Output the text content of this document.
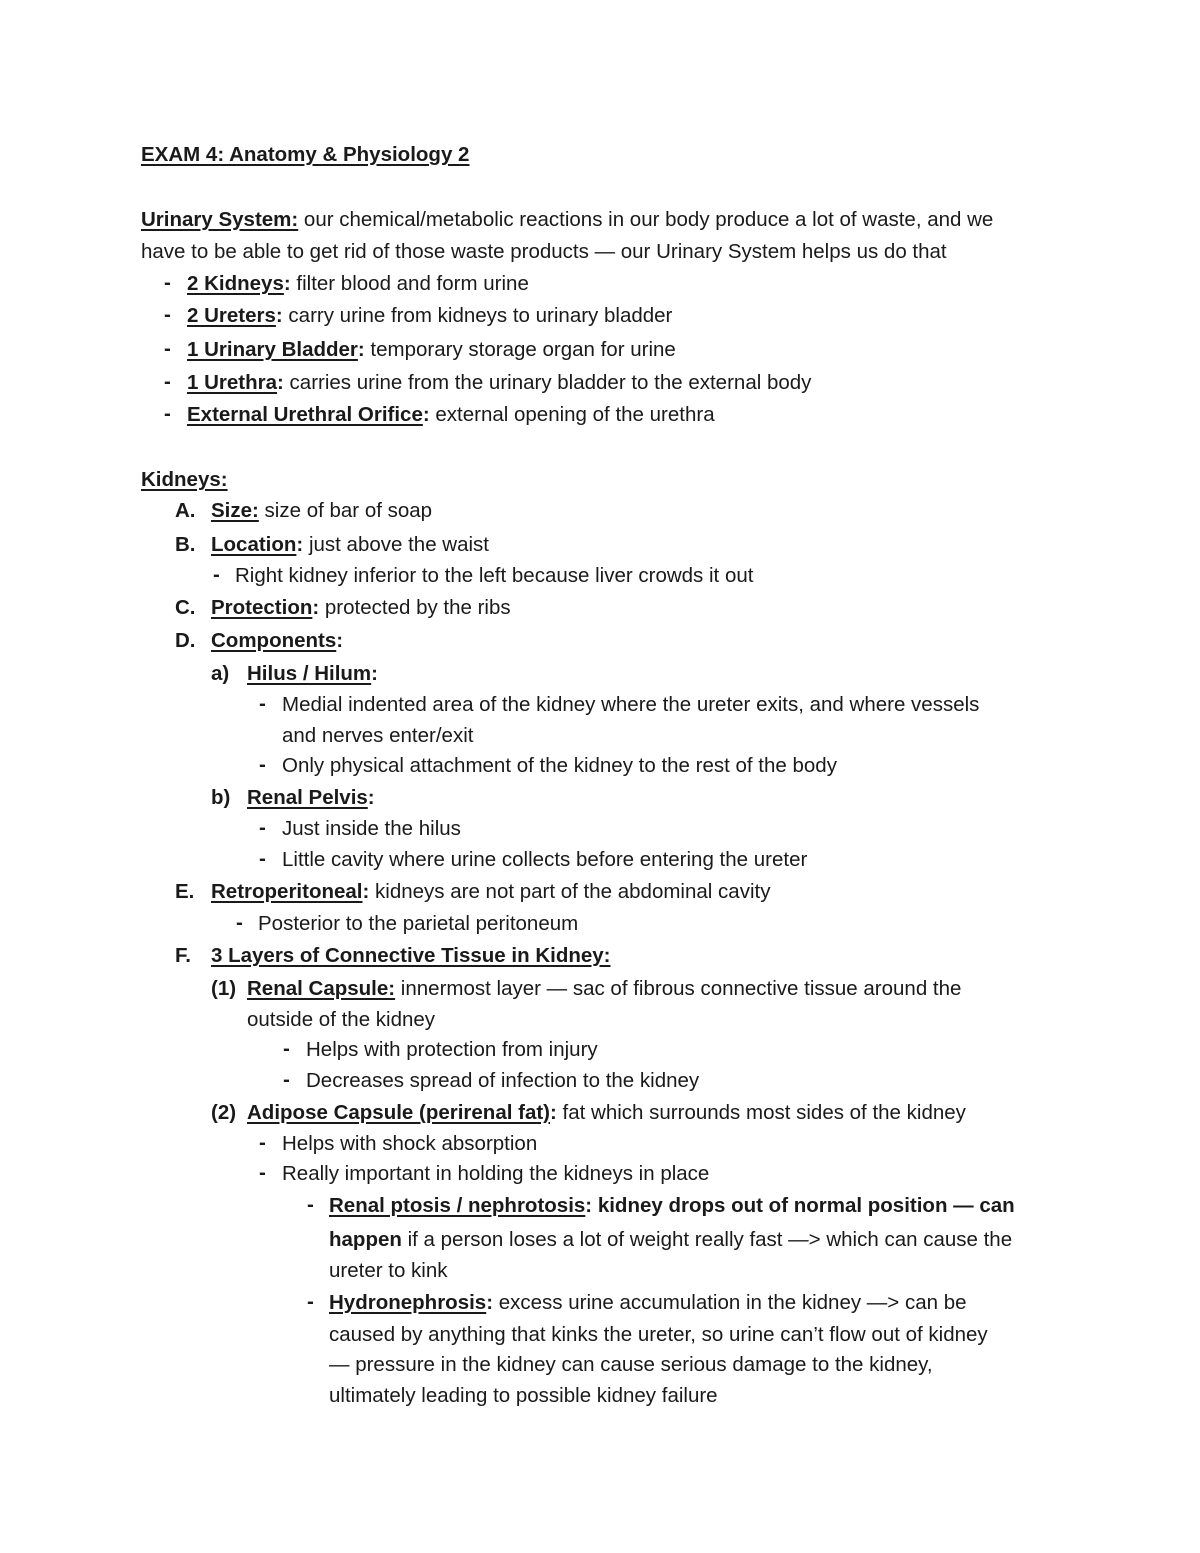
EXAM 4: Anatomy & Physiology 2
Urinary System: our chemical/metabolic reactions in our body produce a lot of waste, and we
have to be able to get rid of those waste products — our Urinary System helps us do that
- 2 Kidneys: filter blood and form urine
- 2 Ureters: carry urine from kidneys to urinary bladder
- 1 Urinary Bladder: temporary storage organ for urine
- 1 Urethra: carries urine from the urinary bladder to the external body
- External Urethral Orifice: external opening of the urethra
Kidneys:
A. Size: size of bar of soap
B. Location: just above the waist
- Right kidney inferior to the left because liver crowds it out
C. Protection: protected by the ribs
D. Components:
a) Hilus / Hilum:
- Medial indented area of the kidney where the ureter exits, and where vessels
and nerves enter/exit
- Only physical attachment of the kidney to the rest of the body
b) Renal Pelvis:
- Just inside the hilus
- Little cavity where urine collects before entering the ureter
E. Retroperitoneal: kidneys are not part of the abdominal cavity
- Posterior to the parietal peritoneum
F. 3 Layers of Connective Tissue in Kidney:
(1) Renal Capsule: innermost layer — sac of fibrous connective tissue around the
outside of the kidney
- Helps with protection from injury
- Decreases spread of infection to the kidney
(2) Adipose Capsule (perirenal fat): fat which surrounds most sides of the kidney
- Helps with shock absorption
- Really important in holding the kidneys in place
- Renal ptosis / nephrotosis: kidney drops out of normal position — can
happen if a person loses a lot of weight really fast —> which can cause the
ureter to kink
- Hydronephrosis: excess urine accumulation in the kidney —> can be
caused by anything that kinks the ureter, so urine can’t flow out of kidney
— pressure in the kidney can cause serious damage to the kidney,
ultimately leading to possible kidney failure
